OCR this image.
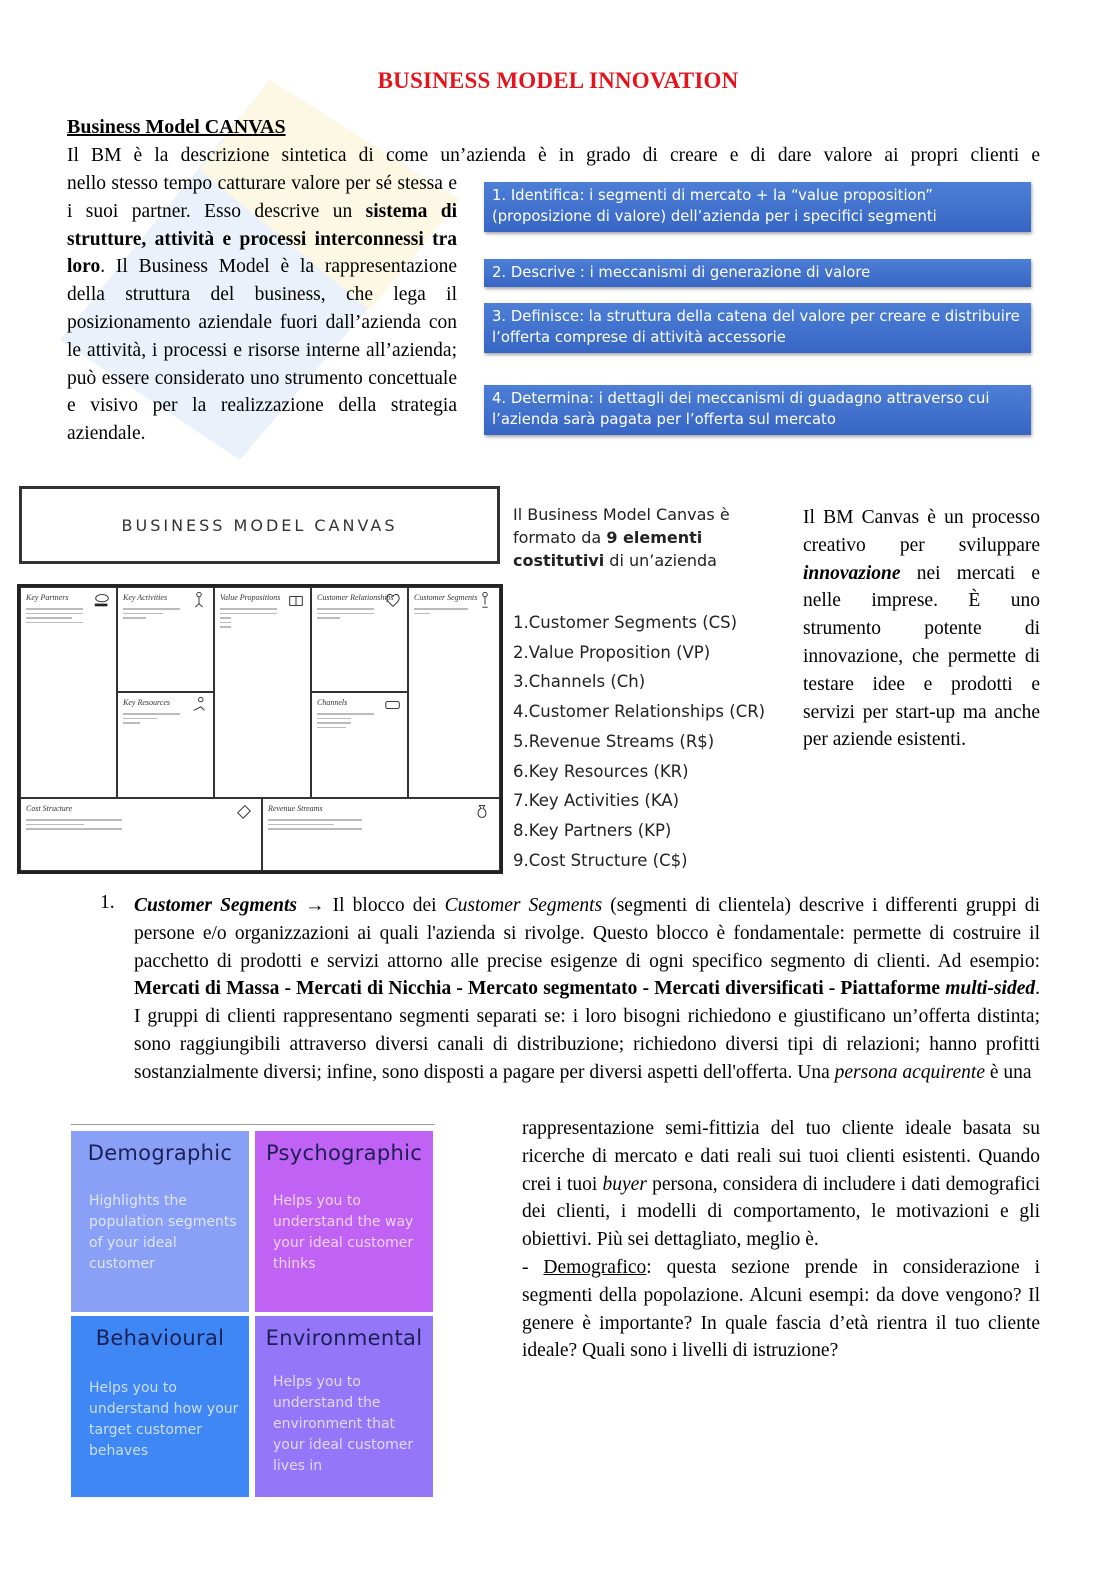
BUSINESS MODEL INNOVATION
Business Model CANVAS
Il BM è la descrizione sintetica di come un’azienda è in grado di creare e di dare valore ai propri clienti e
nello stesso tempo catturare valore per sé stessa e i suoi partner. Esso descrive un sistema di strutture, attività e processi interconnessi tra loro. Il Business Model è la rappresentazione della struttura del business, che lega il posizionamento aziendale fuori dall’azienda con le attività, i processi e risorse interne all’azienda; può essere considerato uno strumento concettuale e visivo per la realizzazione della strategia aziendale.
1. Identifica: i segmenti di mercato + la “value proposition” (proposizione di valore) dell’azienda per i specifici segmenti
2. Descrive : i meccanismi di generazione di valore
3. Definisce: la struttura della catena del valore per creare e distribuire l’offerta comprese di attività accessorie
4. Determina: i dettagli dei meccanismi di guadagno attraverso cui l’azienda sarà pagata per l’offerta sul mercato
BUSINESS MODEL CANVAS
Key Partners	Key Activities
Key Resources
Value Propositions	Customer Relationships
Channels
Customer Segments
Cost Structure	Revenue Streams
Il Business Model Canvas è formato da 9 elementi costitutivi di un’azienda
1.Customer Segments (CS)
2.Value Proposition (VP)
3.Channels (Ch)
4.Customer Relationships (CR)
5.Revenue Streams (R$)
6.Key Resources (KR)
7.Key Activities (KA)
8.Key Partners (KP)
9.Cost Structure (C$)
Il BM Canvas è un processo creativo per sviluppare innovazione nei mercati e nelle imprese. È uno strumento potente di innovazione, che permette di testare idee e prodotti e servizi per start-up ma anche per aziende esistenti.
1. Customer Segments → Il blocco dei Customer Segments (segmenti di clientela) descrive i differenti gruppi di persone e/o organizzazioni ai quali l'azienda si rivolge. Questo blocco è fondamentale: permette di costruire il pacchetto di prodotti e servizi attorno alle precise esigenze di ogni specifico segmento di clienti. Ad esempio: Mercati di Massa - Mercati di Nicchia - Mercato segmentato - Mercati diversificati - Piattaforme multi-sided. I gruppi di clienti rappresentano segmenti separati se: i loro bisogni richiedono e giustificano un’offerta distinta; sono raggiungibili attraverso diversi canali di distribuzione; richiedono diversi tipi di relazioni; hanno profitti sostanzialmente diversi; infine, sono disposti a pagare per diversi aspetti dell'offerta. Una persona acquirente è una
Demographic
Highlights the population segments of your ideal customer
Psychographic
Helps you to understand the way your ideal customer thinks
Behavioural
Helps you to understand how your target customer behaves
Environmental
Helps you to understand the environment that your ideal customer lives in
rappresentazione semi-fittizia del tuo cliente ideale basata su ricerche di mercato e dati reali sui tuoi clienti esistenti. Quando crei i tuoi buyer persona, considera di includere i dati demografici dei clienti, i modelli di comportamento, le motivazioni e gli obiettivi. Più sei dettagliato, meglio è.
- Demografico: questa sezione prende in considerazione i segmenti della popolazione. Alcuni esempi: da dove vengono? Il genere è importante? In quale fascia d’età rientra il tuo cliente ideale? Quali sono i livelli di istruzione?
